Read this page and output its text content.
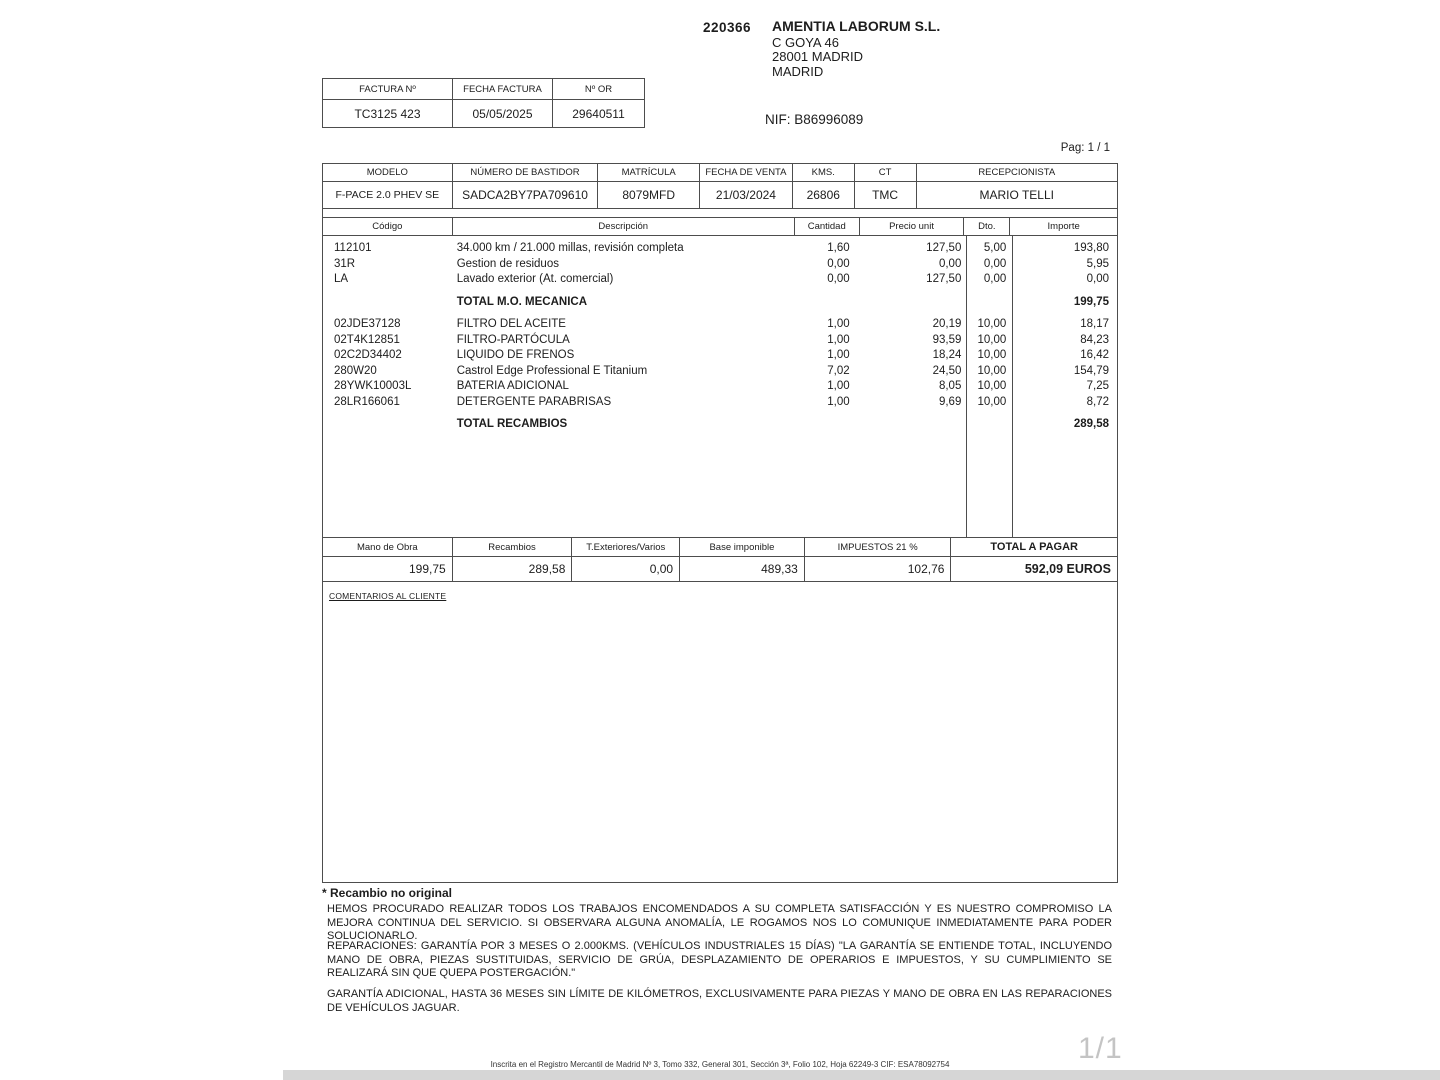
220366 AMENTIA LABORUM S.L.
C GOYA 46
28001 MADRID
MADRID
NIF: B86996089
Pag: 1 / 1
FACTURA Nº	FECHA FACTURA	Nº OR
TC3125 423	05/05/2025	29640511
MODELO	NÚMERO DE BASTIDOR	MATRÍCULA	FECHA DE VENTA	KMS.	CT	RECEPCIONISTA
F-PACE 2.0 PHEV SE	SADCA2BY7PA709610	8079MFD	21/03/2024	26806	TMC	MARIO TELLI
Código	Descripción	Cantidad	Precio unit	Dto.	Importe
112101	34.000 km / 21.000 millas, revisión completa	1,60	127,50	5,00	193,80
31R	Gestion de residuos	0,00	0,00	0,00	5,95
LA	Lavado exterior (At. comercial)	0,00	127,50	0,00	0,00
TOTAL M.O. MECANICA	199,75
02JDE37128	FILTRO DEL ACEITE	1,00	20,19	10,00	18,17
02T4K12851	FILTRO-PARTÓCULA	1,00	93,59	10,00	84,23
02C2D34402	LIQUIDO DE FRENOS	1,00	18,24	10,00	16,42
280W20	Castrol Edge Professional E Titanium	7,02	24,50	10,00	154,79
28YWK10003L	BATERIA ADICIONAL	1,00	8,05	10,00	7,25
28LR166061	DETERGENTE PARABRISAS	1,00	9,69	10,00	8,72
TOTAL RECAMBIOS	289,58
Mano de Obra	Recambios	T.Exteriores/Varios	Base imponible	IMPUESTOS 21 %	TOTAL A PAGAR
199,75	289,58	0,00	489,33	102,76	592,09 EUROS
COMENTARIOS AL CLIENTE
* Recambio no original
HEMOS PROCURADO REALIZAR TODOS LOS TRABAJOS ENCOMENDADOS A SU COMPLETA SATISFACCIÓN Y ES NUESTRO COMPROMISO LA MEJORA CONTINUA DEL SERVICIO. SI OBSERVARA ALGUNA ANOMALÍA, LE ROGAMOS NOS LO COMUNIQUE INMEDIATAMENTE PARA PODER SOLUCIONARLO.
REPARACIONES: GARANTÍA POR 3 MESES O 2.000KMS. (VEHÍCULOS INDUSTRIALES 15 DÍAS) "LA GARANTÍA SE ENTIENDE TOTAL, INCLUYENDO MANO DE OBRA, PIEZAS SUSTITUIDAS, SERVICIO DE GRÚA, DESPLAZAMIENTO DE OPERARIOS E IMPUESTOS, Y SU CUMPLIMIENTO SE REALIZARÁ SIN QUE QUEPA POSTERGACIÓN."
GARANTÍA ADICIONAL, HASTA 36 MESES SIN LÍMITE DE KILÓMETROS, EXCLUSIVAMENTE PARA PIEZAS Y MANO DE OBRA EN LAS REPARACIONES DE VEHÍCULOS JAGUAR.
Inscrita en el Registro Mercantil de Madrid Nº 3, Tomo 332, General 301, Sección 3ª, Folio 102, Hoja 62249-3 CIF: ESA78092754	1/1
